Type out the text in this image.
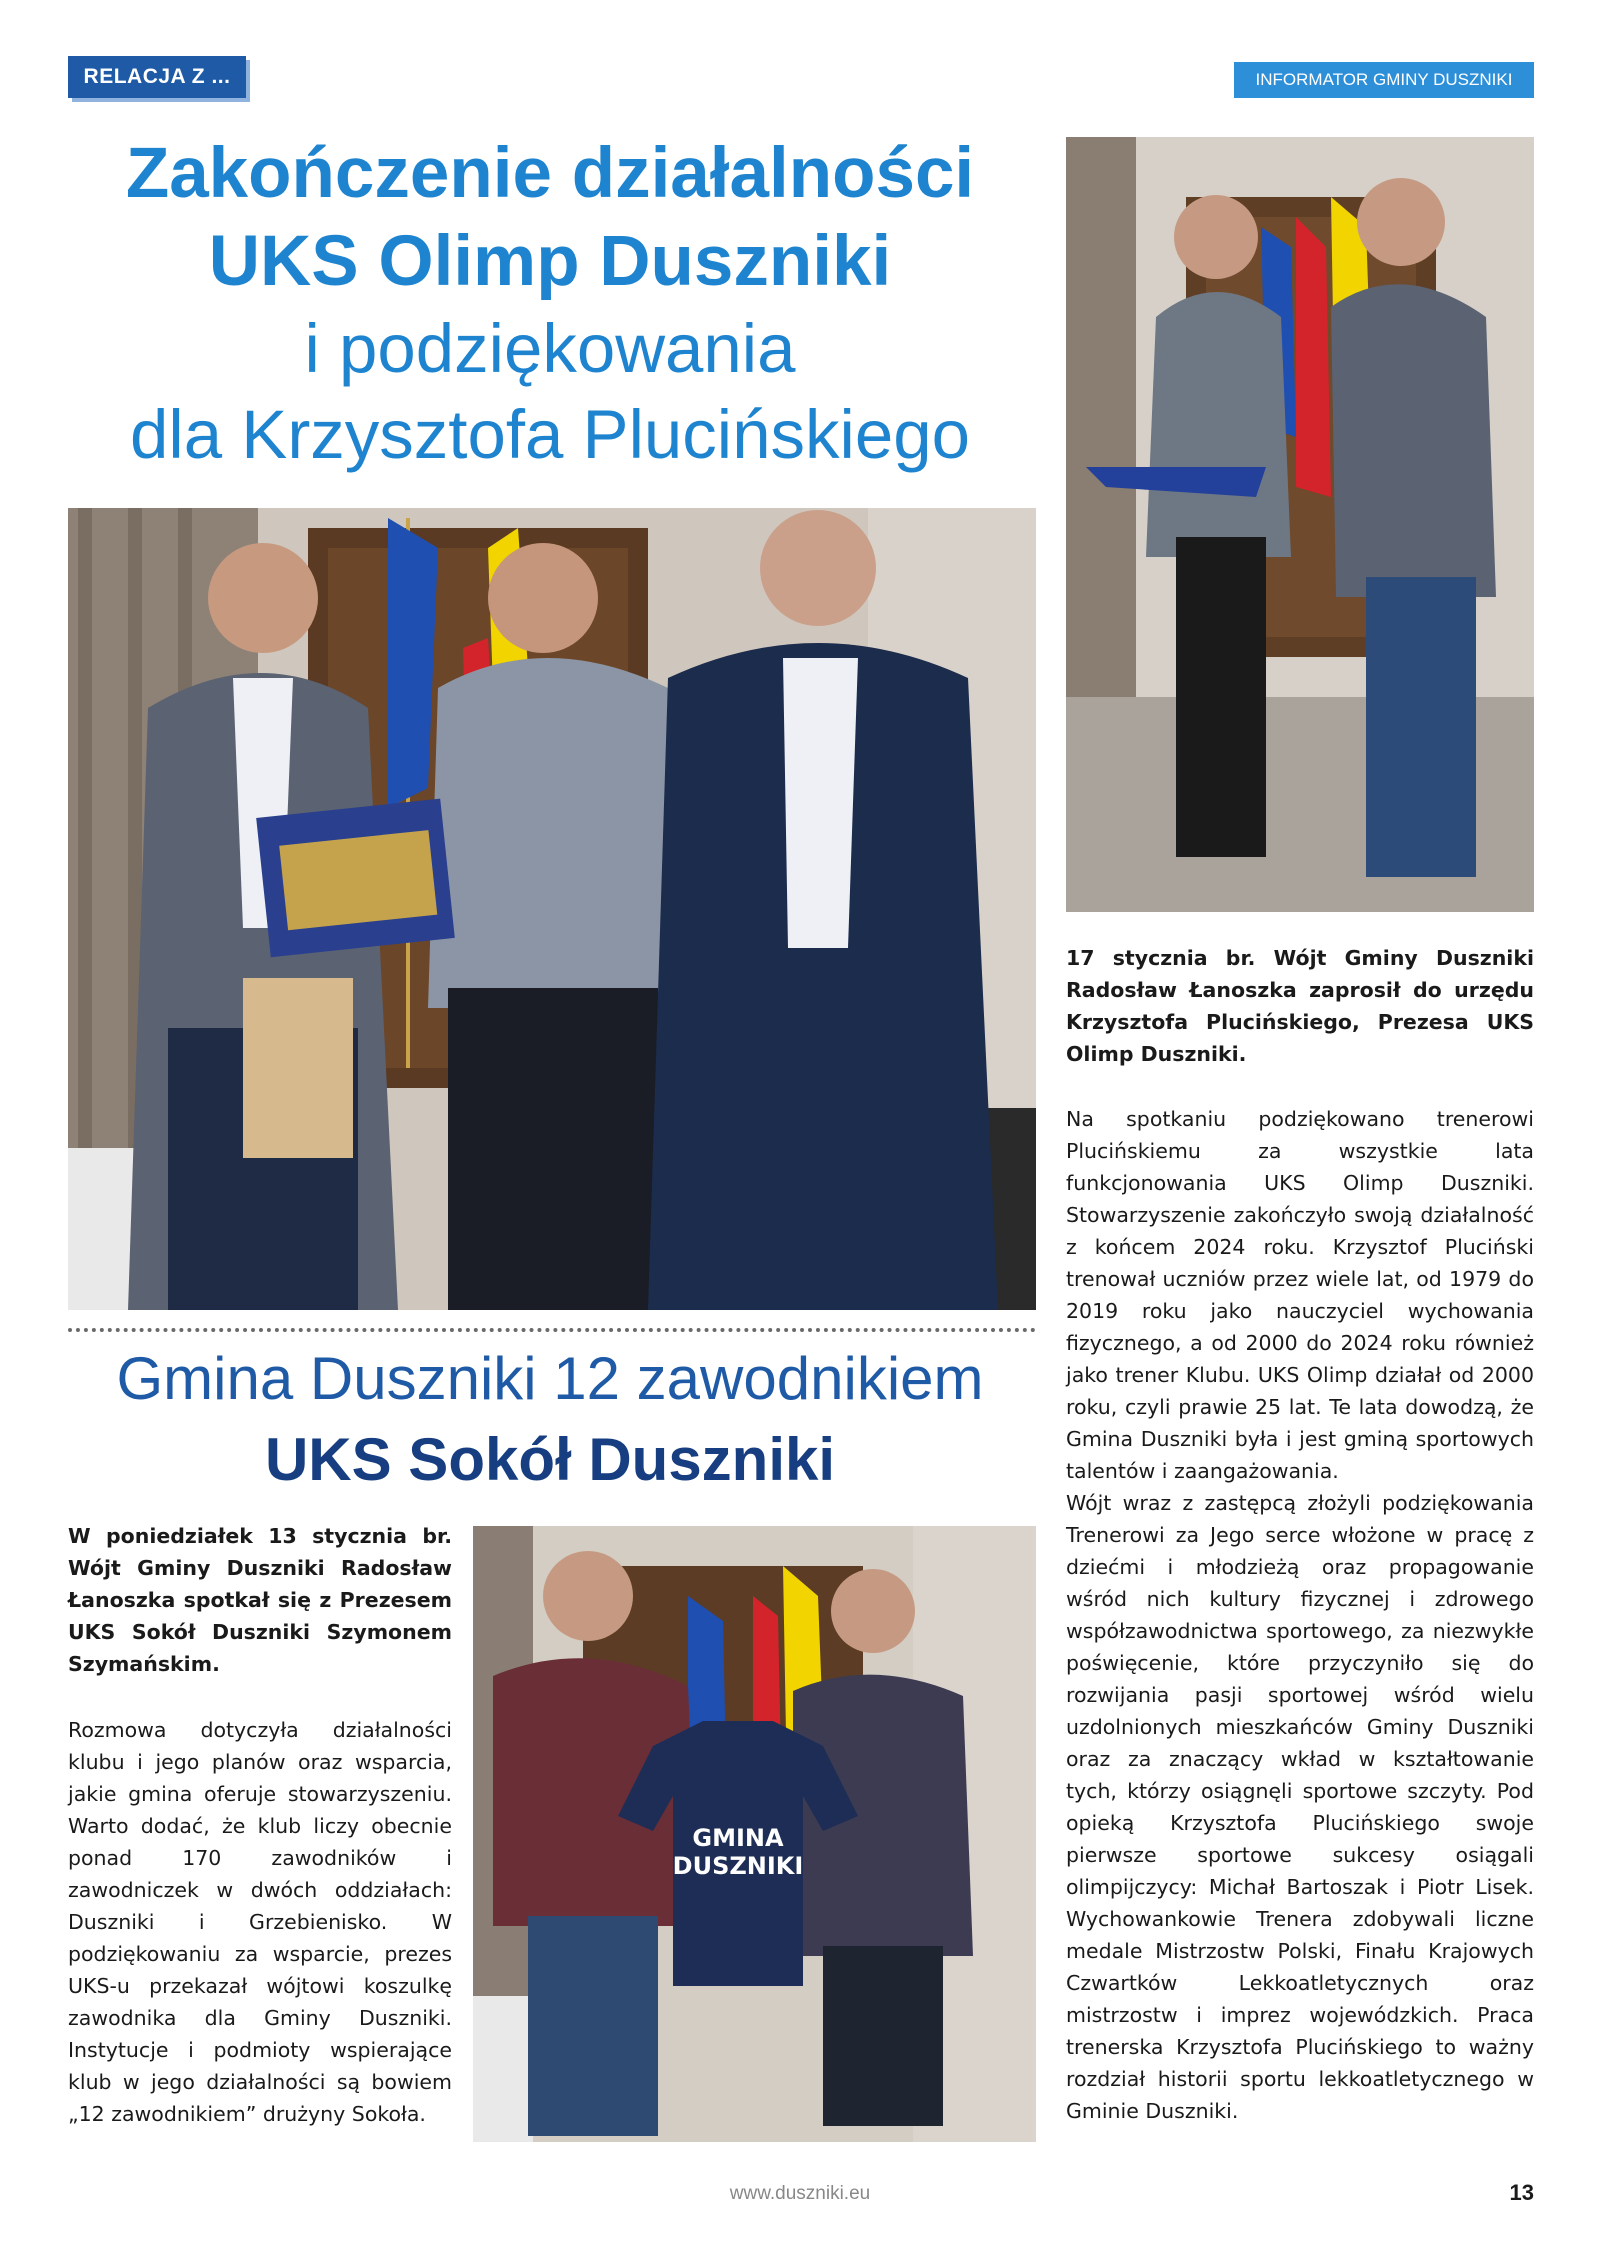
RELACJA Z ...	INFORMATOR GMINY DUSZNIKI
Zakończenie działalności
UKS Olimp Duszniki
i podziękowania
dla Krzysztofa Plucińskiego
Gmina Duszniki 12 zawodnikiem
UKS Sokół Duszniki
W poniedziałek 13 stycznia br. Wójt Gminy Duszniki Radosław Łanoszka spotkał się z Prezesem UKS Sokół Duszniki Szymonem Szymańskim.
Rozmowa dotyczyła działalności klubu i jego planów oraz wsparcia, jakie gmina oferuje stowarzyszeniu. Warto dodać, że klub liczy obecnie ponad 170 zawodników i zawodniczek w dwóch oddziałach: Duszniki i Grzebienisko. W podziękowaniu za wsparcie, prezes UKS-u przekazał wójtowi koszulkę zawodnika dla Gminy Duszniki. Instytucje i podmioty wspierające klub w jego działalności są bowiem „12 zawodnikiem” drużyny Sokoła.
GMINA
DUSZNIKI
17 stycznia br. Wójt Gminy Duszniki Radosław Łanoszka zaprosił do urzędu Krzysztofa Plucińskiego, Prezesa UKS Olimp Duszniki.
Na spotkaniu podziękowano trenerowi Plucińskiemu za wszystkie lata funkcjonowania UKS Olimp Duszniki. Stowarzyszenie zakończyło swoją działalność z końcem 2024 roku. Krzysztof Pluciński trenował uczniów przez wiele lat, od 1979 do 2019 roku jako nauczyciel wychowania fizycznego, a od 2000 do 2024 roku również jako trener Klubu. UKS Olimp działał od 2000 roku, czyli prawie 25 lat. Te lata dowodzą, że Gmina Duszniki była i jest gminą sportowych talentów i zaangażowania.
Wójt wraz z zastępcą złożyli podziękowania Trenerowi za Jego serce włożone w pracę z dziećmi i młodzieżą oraz propagowanie wśród nich kultury fizycznej i zdrowego współzawodnictwa sportowego, za niezwykłe poświęcenie, które przyczyniło się do rozwijania pasji sportowej wśród wielu uzdolnionych mieszkańców Gminy Duszniki oraz za znaczący wkład w kształtowanie tych, którzy osiągnęli sportowe szczyty. Pod opieką Krzysztofa Plucińskiego swoje pierwsze sportowe sukcesy osiągali olimpijczycy: Michał Bartoszak i Piotr Lisek. Wychowankowie Trenera zdobywali liczne medale Mistrzostw Polski, Finału Krajowych Czwartków Lekkoatletycznych oraz mistrzostw i imprez wojewódzkich. Praca trenerska Krzysztofa Plucińskiego to ważny rozdział historii sportu lekkoatletycznego w Gminie Duszniki.
www.duszniki.eu	13
